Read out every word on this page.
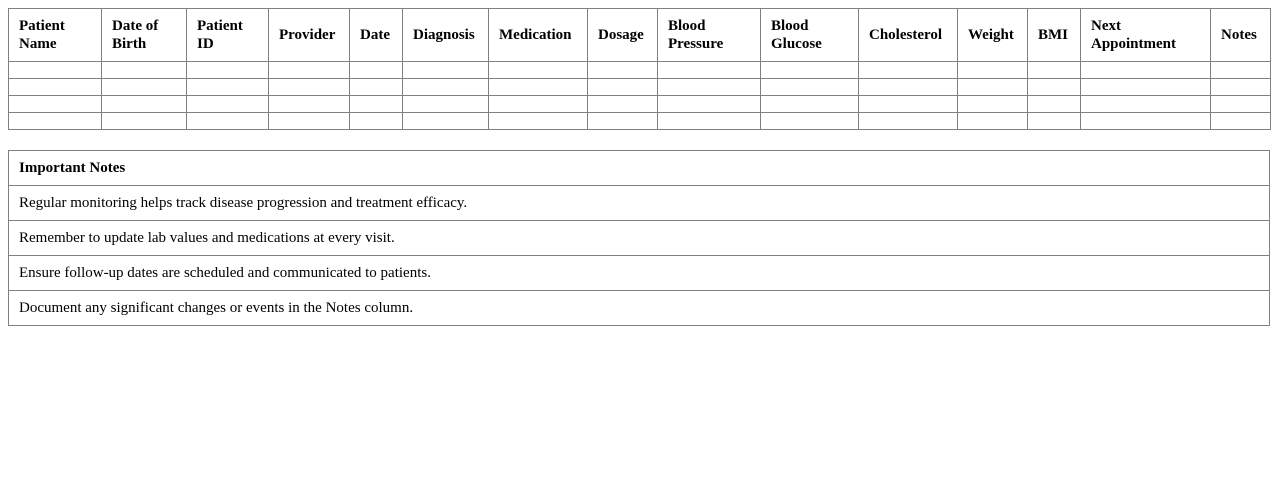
Patient Name	Date of Birth	Patient ID	Provider	Date	Diagnosis	Medication	Dosage	Blood Pressure	Blood Glucose	Cholesterol	Weight	BMI	Next Appointment	Notes

Important Notes
Regular monitoring helps track disease progression and treatment efficacy.
Remember to update lab values and medications at every visit.
Ensure follow-up dates are scheduled and communicated to patients.
Document any significant changes or events in the Notes column.
